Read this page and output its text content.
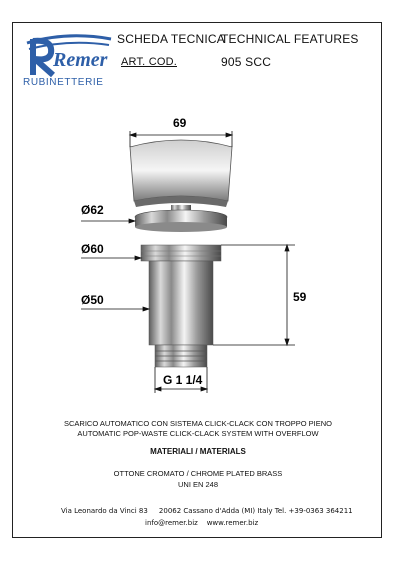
Remer
RUBINETTERIE
SCHEDA TECNICA
TECHNICAL FEATURES
ART. COD.	905 SCC
69
Ø62
Ø60
Ø50	59
G 1 1/4
SCARICO AUTOMATICO CON SISTEMA CLICK-CLACK CON TROPPO PIENO
AUTOMATIC POP-WASTE CLICK-CLACK SYSTEM WITH OVERFLOW
MATERIALI / MATERIALS
OTTONE CROMATO / CHROME PLATED BRASS
UNI EN 248
Via Leonardo da Vinci 83     20062 Cassano d'Adda (MI) Italy Tel. +39-0363 364211
info@remer.biz    www.remer.biz
